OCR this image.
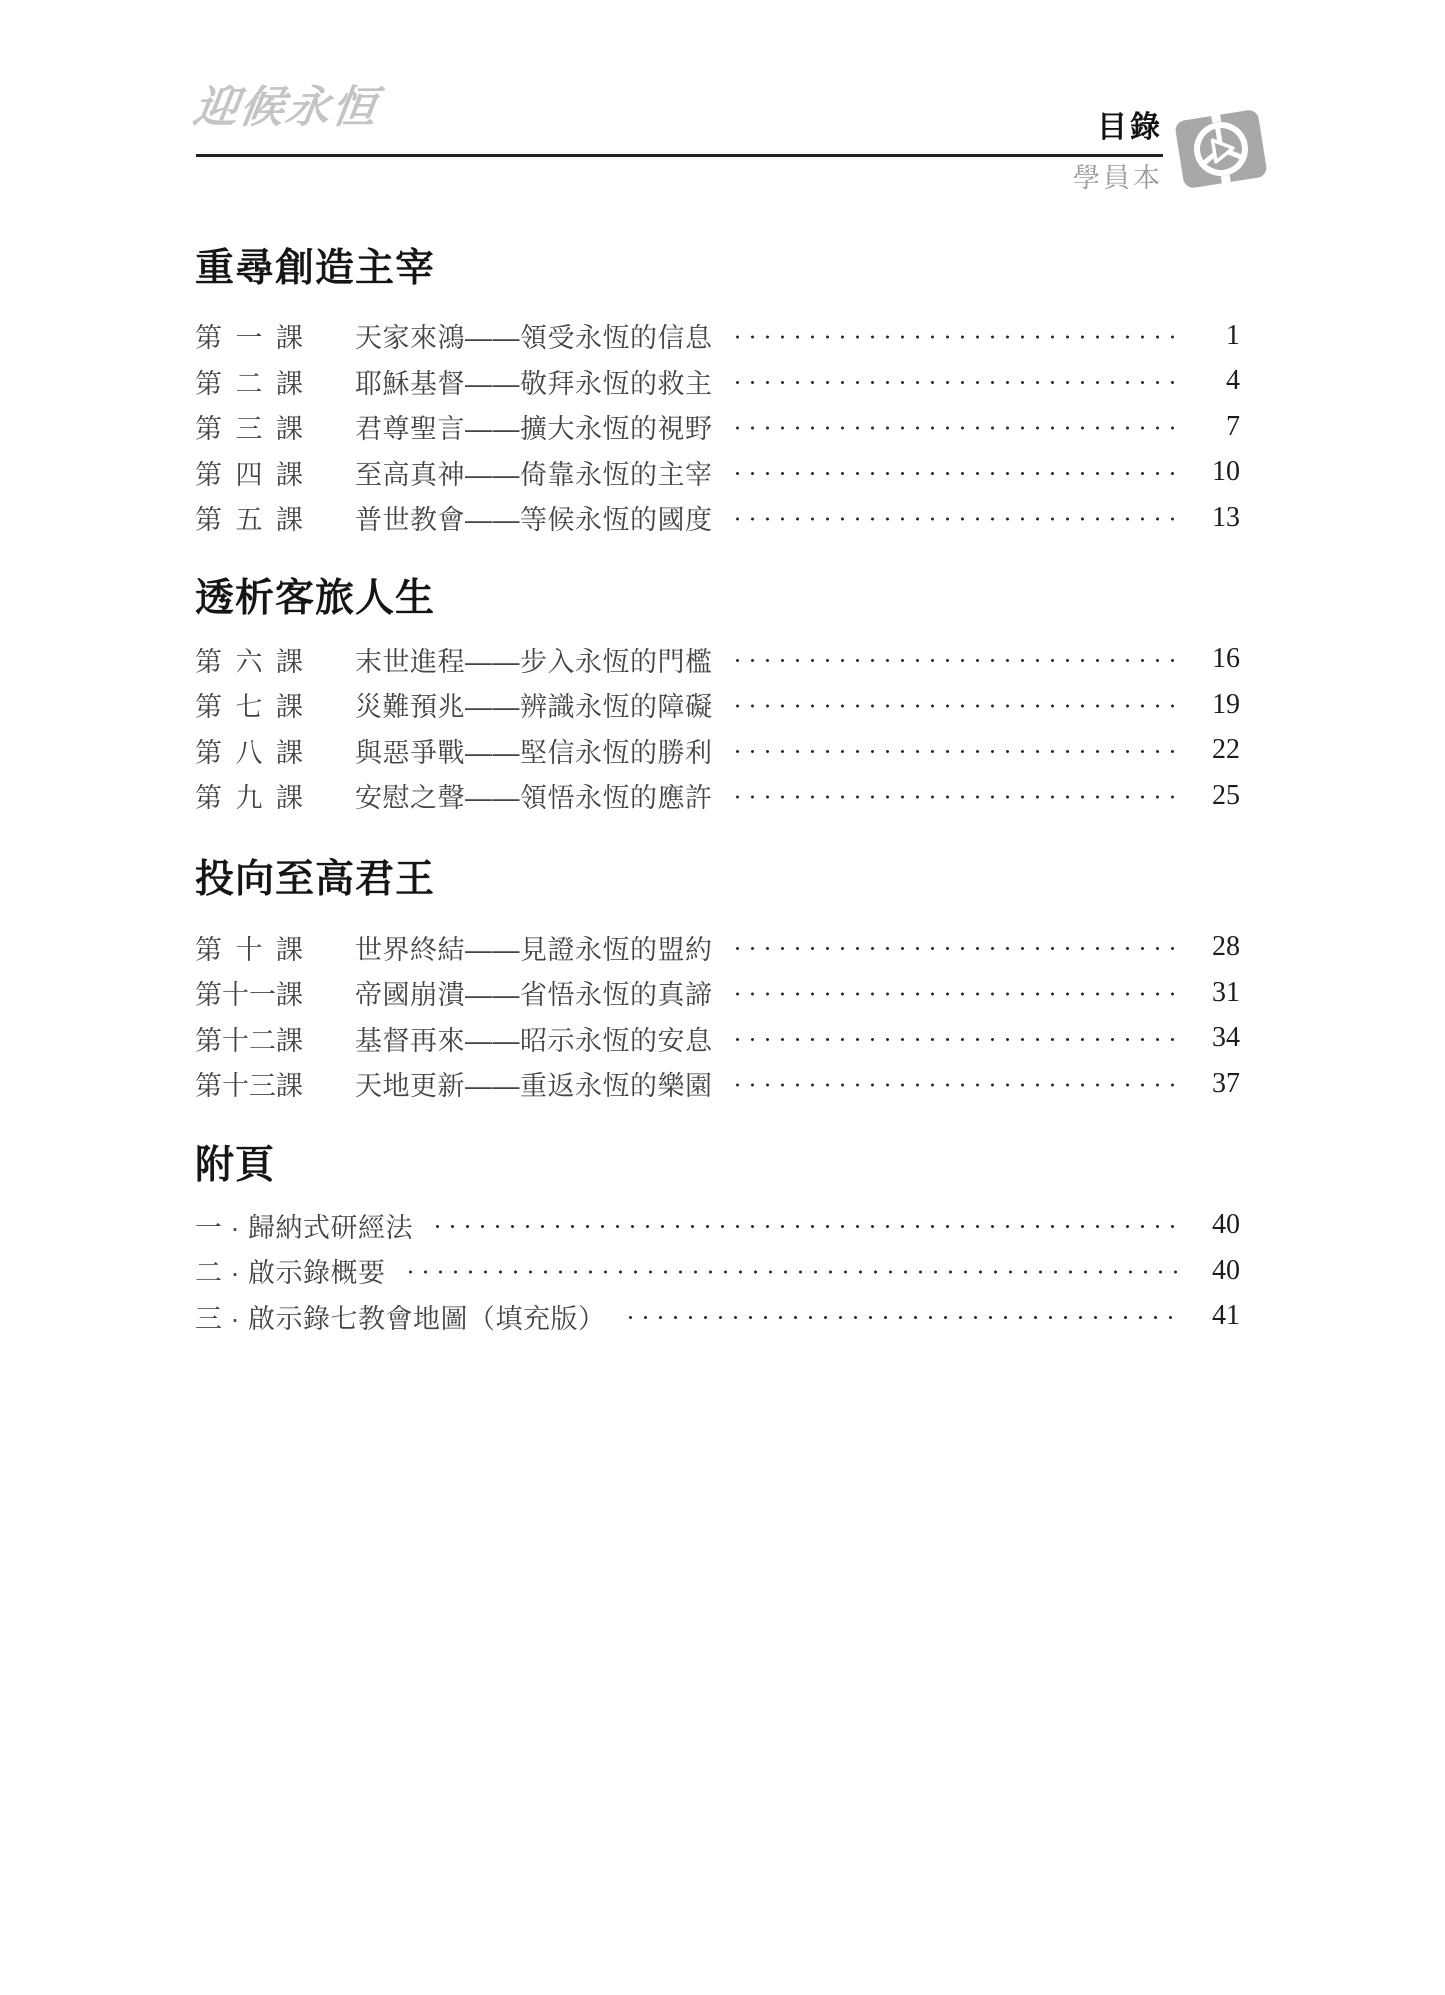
迎候永恒	目錄
學員本
重尋創造主宰
第 一 課 天家來鴻——領受永恆的信息	1
第 二 課 耶穌基督——敬拜永恆的救主	4
第 三 課 君尊聖言——擴大永恆的視野	7
第 四 課 至高真神——倚靠永恆的主宰	10
第 五 課 普世教會——等候永恆的國度	13
透析客旅人生
第 六 課 末世進程——步入永恆的門檻	16
第 七 課 災難預兆——辨識永恆的障礙	19
第 八 課 與惡爭戰——堅信永恆的勝利	22
第 九 課 安慰之聲——領悟永恆的應許	25
投向至高君王
第 十 課 世界終結——見證永恆的盟約	28
第十一課 帝國崩潰——省悟永恆的真諦	31
第十二課 基督再來——昭示永恆的安息	34
第十三課 天地更新——重返永恆的樂園	37
附頁
一 · 歸納式研經法	40
二 · 啟示錄概要	40
三 · 啟示錄七教會地圖（填充版）	41
